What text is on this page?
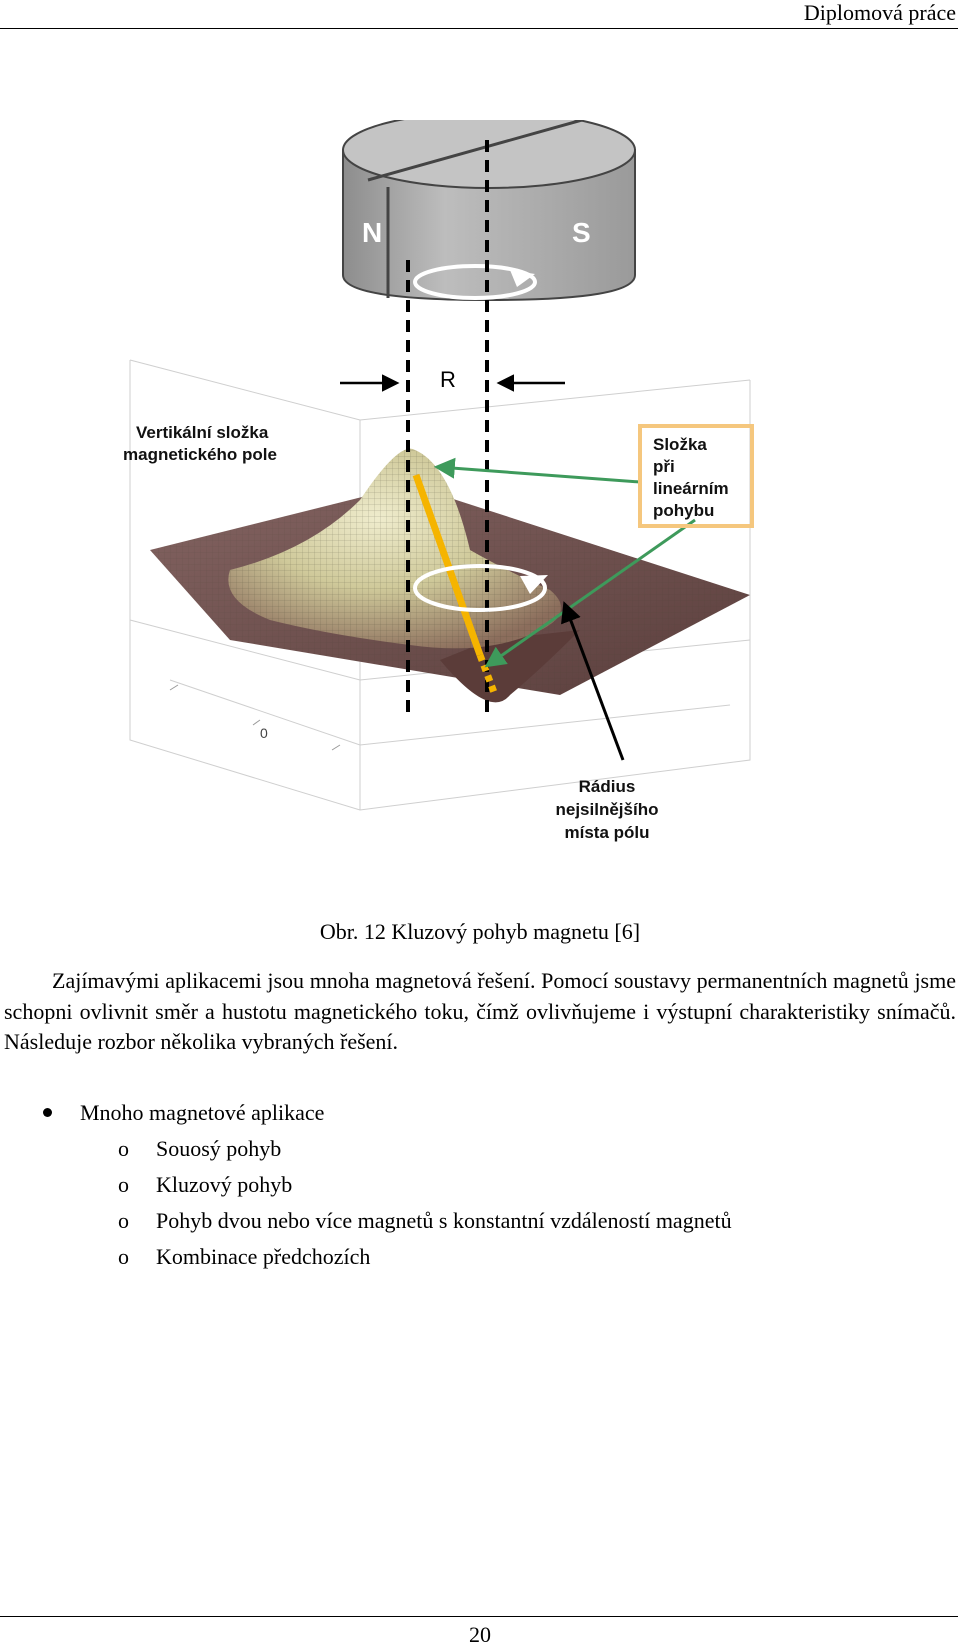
Diplomová práce
0
N	S
R
Vertikální složka
magnetického pole
Složka
při
lineárním
pohybu
Rádius
nejsilnějšího
místa pólu
Obr. 12 Kluzový pohyb magnetu [6]

Zajímavými aplikacemi jsou mnoha magnetová řešení. Pomocí soustavy permanentních magnetů jsme schopni ovlivnit směr a hustotu magnetického toku, čímž ovlivňujeme i výstupní charakteristiky snímačů. Následuje rozbor několika vybraných řešení.

Mnoho magnetové aplikace
o Souosý pohyb
o Kluzový pohyb
o Pohyb dvou nebo více magnetů s konstantní vzdáleností magnetů
o Kombinace předchozích
20
